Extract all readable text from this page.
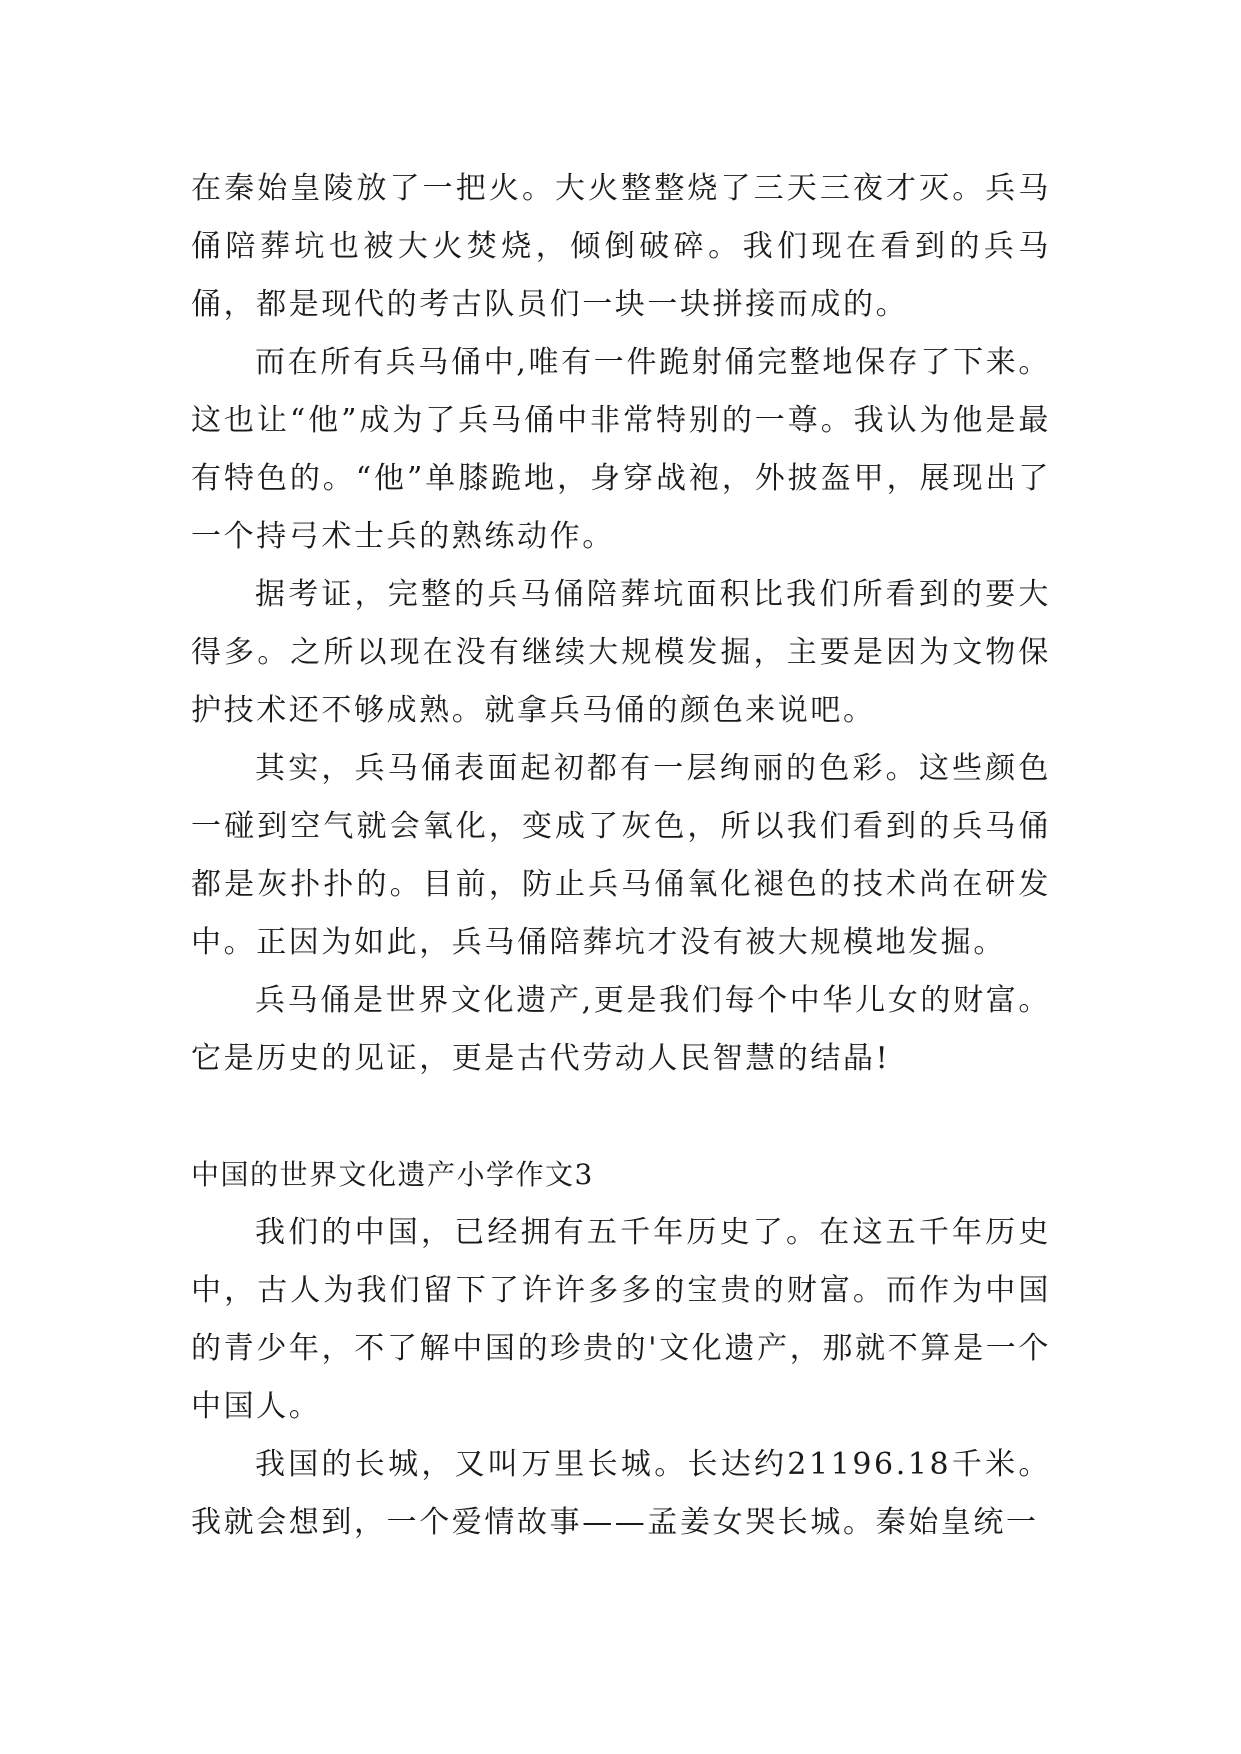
在秦始皇陵放了一把火。大火整整烧了三天三夜才灭。兵马俑陪葬坑也被大火焚烧，倾倒破碎。我们现在看到的兵马俑，都是现代的考古队员们一块一块拼接而成的。

而在所有兵马俑中,唯有一件跪射俑完整地保存了下来。这也让“他”成为了兵马俑中非常特别的一尊。我认为他是最有特色的。“他”单膝跪地，身穿战袍，外披盔甲，展现出了一个持弓术士兵的熟练动作。

据考证，完整的兵马俑陪葬坑面积比我们所看到的要大得多。之所以现在没有继续大规模发掘，主要是因为文物保护技术还不够成熟。就拿兵马俑的颜色来说吧。

其实，兵马俑表面起初都有一层绚丽的色彩。这些颜色一碰到空气就会氧化，变成了灰色，所以我们看到的兵马俑都是灰扑扑的。目前，防止兵马俑氧化褪色的技术尚在研发中。正因为如此，兵马俑陪葬坑才没有被大规模地发掘。

兵马俑是世界文化遗产,更是我们每个中华儿女的财富。它是历史的见证，更是古代劳动人民智慧的结晶!

中国的世界文化遗产小学作文3

我们的中国，已经拥有五千年历史了。在这五千年历史中，古人为我们留下了许许多多的宝贵的财富。而作为中国的青少年，不了解中国的珍贵的'文化遗产，那就不算是一个中国人。

我国的长城，又叫万里长城。长达约21196.18千米。我就会想到，一个爱情故事——孟姜女哭长城。秦始皇统一
